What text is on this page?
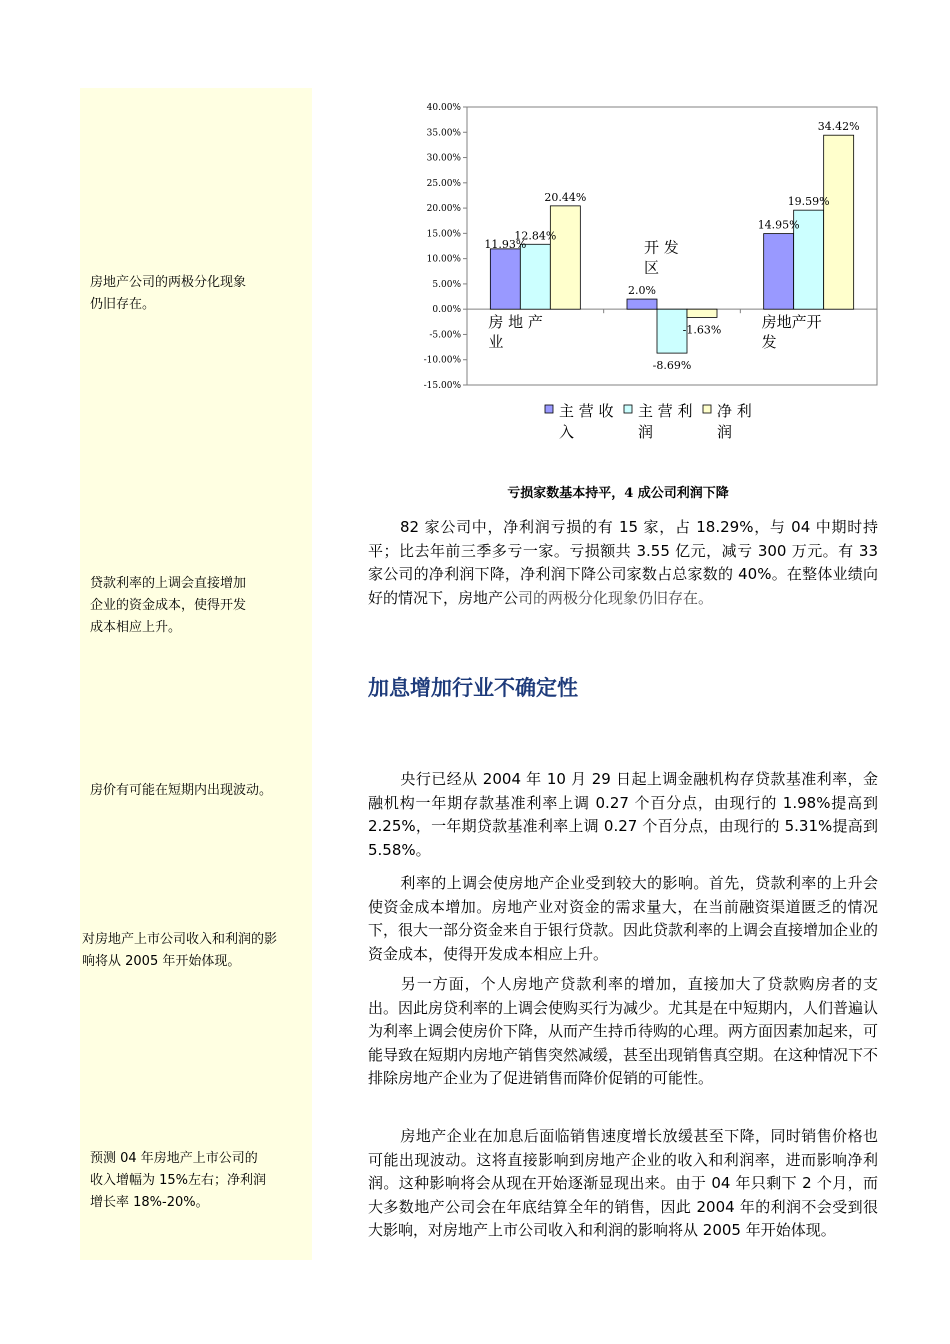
房地产公司的两极分化现象
仍旧存在。
贷款利率的上调会直接增加
企业的资金成本，使得开发
成本相应上升。
房价有可能在短期内出现波动。
对房地产上市公司收入和利润的影
响将从 2005 年开始体现。
预测 04 年房地产上市公司的
收入增幅为 15%左右；净利润
增长率 18%-20%。
40.00%
35.00%
30.00%
25.00%
20.00%
15.00%
10.00%
5.00%
0.00%
-5.00%
-10.00%
-15.00%
11.93%
2.0%
14.95%
12.84%
-8.69%
19.59%
20.44%
-1.63%
34.42%
房 地 产业
开 发区
房地产开发
主 营 收入
主 营 利润
净 利润
亏损家数基本持平，4 成公司利润下降
82 家公司中，净利润亏损的有 15 家，占 18.29%，与 04 中期时持平；比去年前三季多亏一家。亏损额共 3.55 亿元，减亏 300 万元。有 33 家公司的净利润下降，净利润下降公司家数占总家数的 40%。在整体业绩向好的情况下，房地产公司的两极分化现象仍旧存在。
加息增加行业不确定性
央行已经从 2004 年 10 月 29 日起上调金融机构存贷款基准利率，金融机构一年期存款基准利率上调 0.27 个百分点，由现行的 1.98%提高到 2.25%，一年期贷款基准利率上调 0.27 个百分点，由现行的 5.31%提高到 5.58%。
利率的上调会使房地产企业受到较大的影响。首先，贷款利率的上升会使资金成本增加。房地产业对资金的需求量大，在当前融资渠道匮乏的情况下，很大一部分资金来自于银行贷款。因此贷款利率的上调会直接增加企业的资金成本，使得开发成本相应上升。
另一方面，个人房地产贷款利率的增加，直接加大了贷款购房者的支出。因此房贷利率的上调会使购买行为减少。尤其是在中短期内，人们普遍认为利率上调会使房价下降，从而产生持币待购的心理。两方面因素加起来，可能导致在短期内房地产销售突然减缓，甚至出现销售真空期。在这种情况下不排除房地产企业为了促进销售而降价促销的可能性。
房地产企业在加息后面临销售速度增长放缓甚至下降，同时销售价格也可能出现波动。这将直接影响到房地产企业的收入和利润率，进而影响净利润。这种影响将会从现在开始逐渐显现出来。由于 04 年只剩下 2 个月，而大多数地产公司会在年底结算全年的销售，因此 2004 年的利润不会受到很大影响，对房地产上市公司收入和利润的影响将从 2005 年开始体现。
